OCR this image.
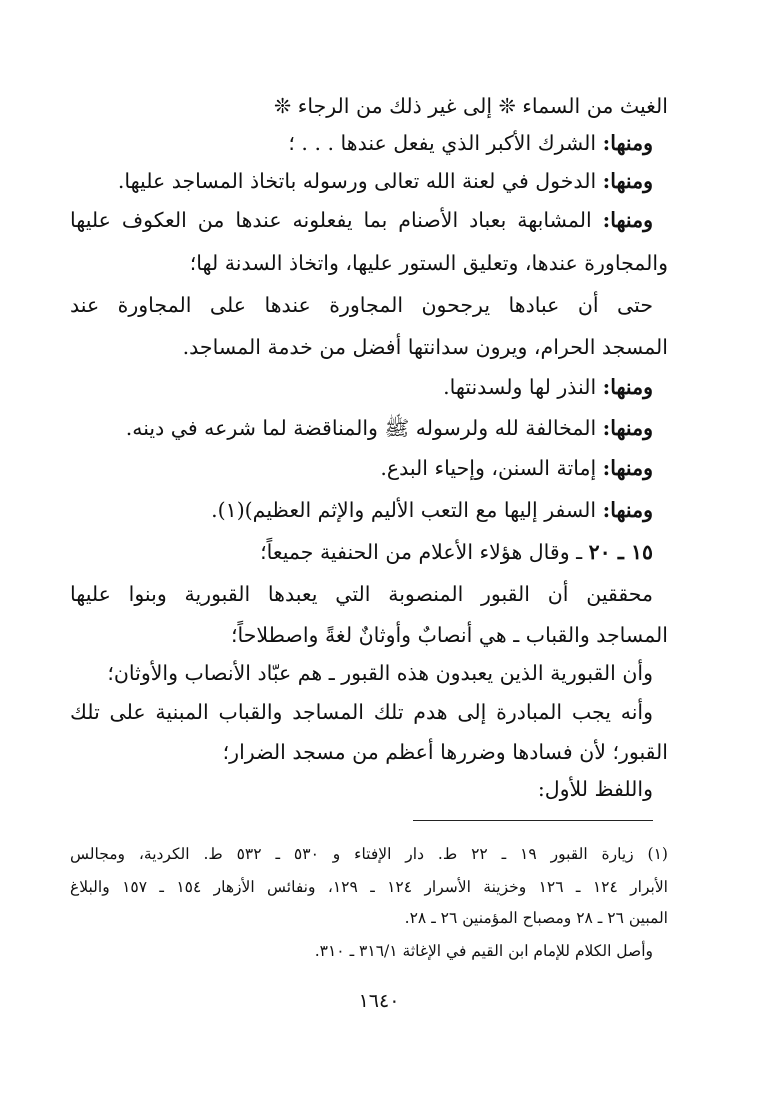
الغيث من السماء ❊ إلى غير ذلك من الرجاء ❊
ومنها: الشرك الأكبر الذي يفعل عندها . . . ؛
ومنها: الدخول في لعنة الله تعالى ورسوله باتخاذ المساجد عليها.
ومنها: المشابهة بعباد الأصنام بما يفعلونه عندها من العكوف عليها
والمجاورة عندها، وتعليق الستور عليها، واتخاذ السدنة لها؛
حتى أن عبادها يرجحون المجاورة عندها على المجاورة عند
المسجد الحرام، ويرون سدانتها أفضل من خدمة المساجد.
ومنها: النذر لها ولسدنتها.
ومنها: المخالفة لله ولرسوله ﷺ والمناقضة لما شرعه في دينه.
ومنها: إماتة السنن، وإحياء البدع.
ومنها: السفر إليها مع التعب الأليم والإثم العظيم)(١).
١٥ ـ ٢٠ ـ وقال هؤلاء الأعلام من الحنفية جميعاً؛
محققين أن القبور المنصوبة التي يعبدها القبورية وبنوا عليها
المساجد والقباب ـ هي أنصابٌ وأوثانٌ لغةً واصطلاحاً؛
وأن القبورية الذين يعبدون هذه القبور ـ هم عبّاد الأنصاب والأوثان؛
وأنه يجب المبادرة إلى هدم تلك المساجد والقباب المبنية على تلك
القبور؛ لأن فسادها وضررها أعظم من مسجد الضرار؛
واللفظ للأول:
(١) زيارة القبور ١٩ ـ ٢٢ ط. دار الإفتاء و ٥٣٠ ـ ٥٣٢ ط. الكردية، ومجالس
الأبرار ١٢٤ ـ ١٢٦ وخزينة الأسرار ١٢٤ ـ ١٢٩، ونفائس الأزهار ١٥٤ ـ ١٥٧ والبلاغ
المبين ٢٦ ـ ٢٨ ومصباح المؤمنين ٢٦ ـ ٢٨.
وأصل الكلام للإمام ابن القيم في الإغاثة ٣١٦/١ ـ ٣١٠.
١٦٤٠
